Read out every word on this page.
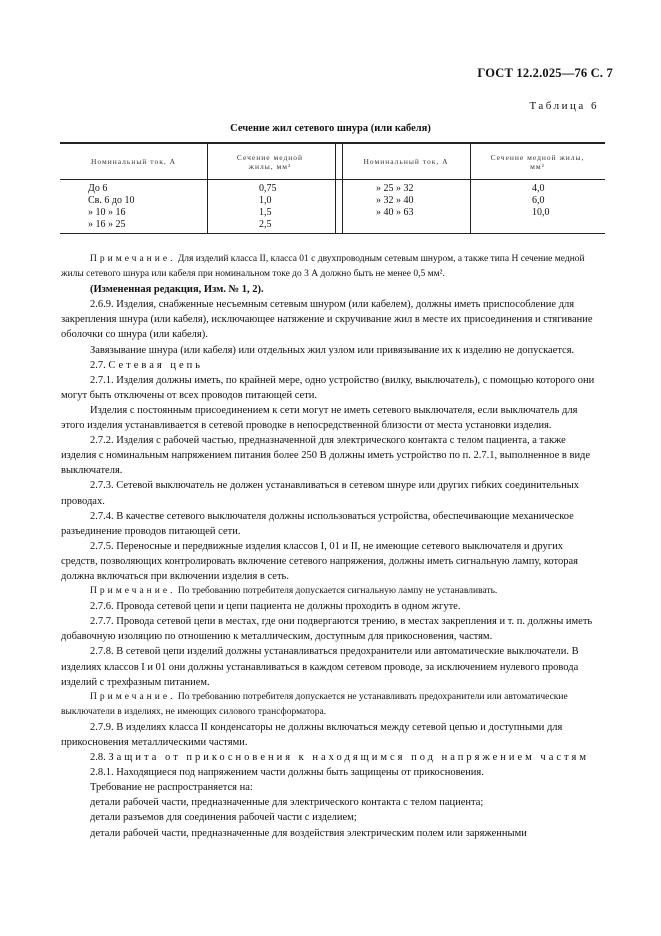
ГОСТ 12.2.025—76 С. 7
Таблица 6
Сечение жил сетевого шнура (или кабеля)
Номинальный ток, А
Сечение медной жилы, мм²
Номинальный ток, А
Сечение медной жилы, мм²
До 6
Св. 6 до 10
» 10 » 16
» 16 » 25
0,75
1,0
1,5
2,5
» 25 » 32
» 32 » 40
» 40 » 63
4,0
6,0
10,0

Примечание. Для изделий класса II, класса 01 с двухпроводным сетевым шнуром, а также типа Н сечение медной жилы сетевого шнура или кабеля при номинальном токе до 3 А должно быть не менее 0,5 мм².

(Измененная редакция, Изм. № 1, 2).

2.6.9. Изделия, снабженные несъемным сетевым шнуром (или кабелем), должны иметь приспособление для закрепления шнура (или кабеля), исключающее натяжение и скручивание жил в месте их присоединения и стягивание оболочки со шнура (или кабеля).

Завязывание шнура (или кабеля) или отдельных жил узлом или привязывание их к изделию не допускается.

2.7. Сетевая цепь

2.7.1. Изделия должны иметь, по крайней мере, одно устройство (вилку, выключатель), с помощью которого они могут быть отключены от всех проводов питающей сети.

Изделия с постоянным присоединением к сети могут не иметь сетевого выключателя, если выключатель для этого изделия устанавливается в сетевой проводке в непосредственной близости от места установки изделия.

2.7.2. Изделия с рабочей частью, предназначенной для электрического контакта с телом пациента, а также изделия с номинальным напряжением питания более 250 В должны иметь устройство по п. 2.7.1, выполненное в виде выключателя.

2.7.3. Сетевой выключатель не должен устанавливаться в сетевом шнуре или других гибких соединительных проводах.

2.7.4. В качестве сетевого выключателя должны использоваться устройства, обеспечивающие механическое разъединение проводов питающей сети.

2.7.5. Переносные и передвижные изделия классов I, 01 и II, не имеющие сетевого выключателя и других средств, позволяющих контролировать включение сетевого напряжения, должны иметь сигнальную лампу, которая должна включаться при включении изделия в сеть.

Примечание. По требованию потребителя допускается сигнальную лампу не устанавливать.

2.7.6. Провода сетевой цепи и цепи пациента не должны проходить в одном жгуте.

2.7.7. Провода сетевой цепи в местах, где они подвергаются трению, в местах закрепления и т. п. должны иметь добавочную изоляцию по отношению к металлическим, доступным для прикосновения, частям.

2.7.8. В сетевой цепи изделий должны устанавливаться предохранители или автоматические выключатели. В изделиях классов I и 01 они должны устанавливаться в каждом сетевом проводе, за исключением нулевого провода изделий с трехфазным питанием.

Примечание. По требованию потребителя допускается не устанавливать предохранители или автоматические выключатели в изделиях, не имеющих силового трансформатора.

2.7.9. В изделиях класса II конденсаторы не должны включаться между сетевой цепью и доступными для прикосновения металлическими частями.

2.8. Защита от прикосновения к находящимся под напряжением частям

2.8.1. Находящиеся под напряжением части должны быть защищены от прикосновения.

Требование не распространяется на:

детали рабочей части, предназначенные для электрического контакта с телом пациента;

детали разъемов для соединения рабочей части с изделием;

детали рабочей части, предназначенные для воздействия электрическим полем или заряженными
